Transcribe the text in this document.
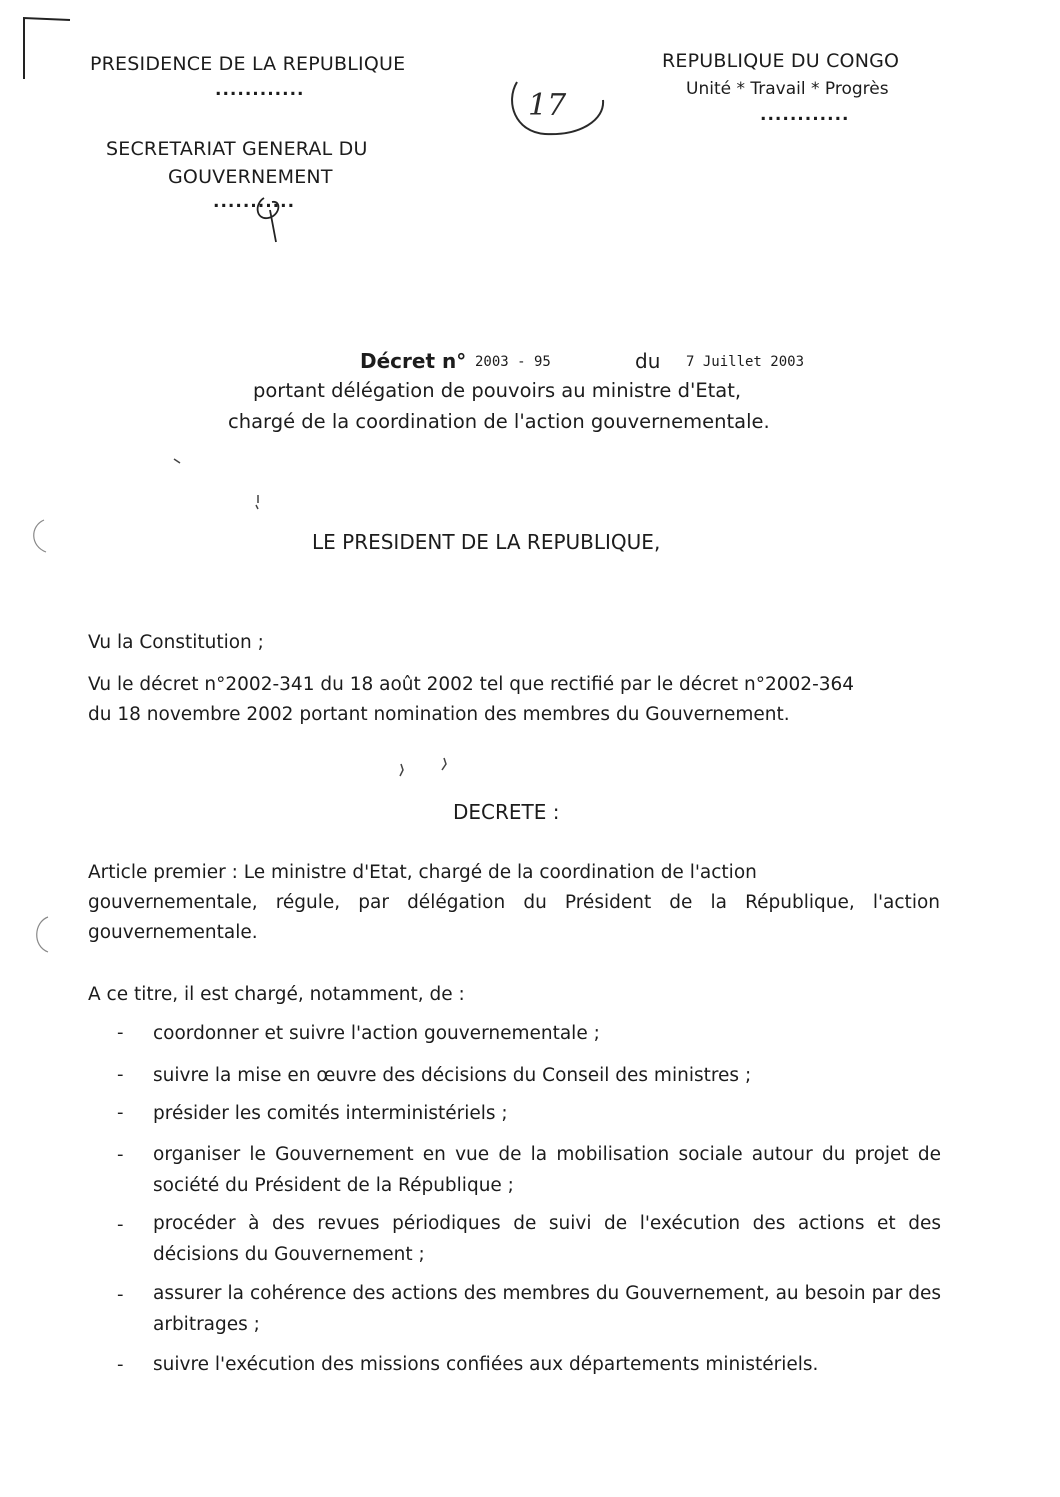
PRESIDENCE DE LA REPUBLIQUE
............
SECRETARIAT GENERAL DU
GOUVERNEMENT
...........
REPUBLIQUE DU CONGO
Unité * Travail * Progrès
............
17
Décret n° 2003 - 95	du 7 Juillet 2003
portant délégation de pouvoirs au ministre d'Etat,
chargé de la coordination de l'action gouvernementale.
LE PRESIDENT DE LA REPUBLIQUE,
Vu la Constitution ;
Vu le décret n°2002-341 du 18 août 2002 tel que rectifié par le décret n°2002-364
du 18 novembre 2002 portant nomination des membres du Gouvernement.
DECRETE :
Article premier : Le ministre d'Etat, chargé de la coordination de l'action
gouvernementale, régule, par délégation du Président de la République, l'action
gouvernementale.
A ce titre, il est chargé, notamment, de :
- coordonner et suivre l'action gouvernementale ;
- suivre la mise en œuvre des décisions du Conseil des ministres ;
- présider les comités interministériels ;
- organiser le Gouvernement en vue de la mobilisation sociale autour du projet de société du Président de la République ;
- procéder à des revues périodiques de suivi de l'exécution des actions et des décisions du Gouvernement ;
- assurer la cohérence des actions des membres du Gouvernement, au besoin par des arbitrages ;
- suivre l'exécution des missions confiées aux départements ministériels.
